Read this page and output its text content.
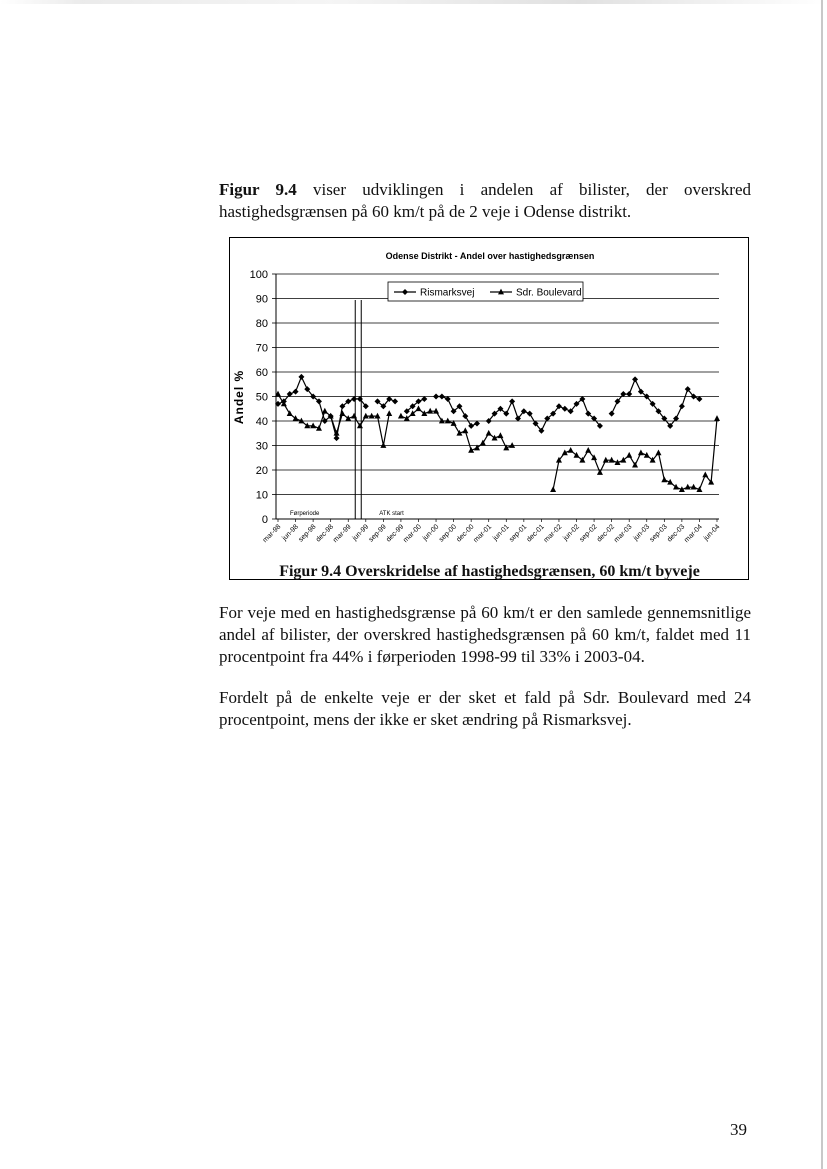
Figur 9.4 viser udviklingen i andelen af bilister, der overskred hastighedsgrænsen på 60 km/t på de 2 veje i Odense distrikt.

Odense Distrikt - Andel over hastighedsgrænsen
0
10
20
30
40
50
60
70
80
90
100
mar-98
jun-98
sep-98
dec-98
mar-99
jun-99
sep-99
dec-99
mar-00
jun-00
sep-00
dec-00
mar-01
jun-01
sep-01
dec-01
mar-02
jun-02
sep-02
dec-02
mar-03
jun-03
sep-03
dec-03
mar-04
jun-04
Andel %
Rismarksvej	Sdr. Boulevard
Førperiode	ATK start
Figur 9.4 Overskridelse af hastighedsgrænsen, 60 km/t byveje

For veje med en hastighedsgrænse på 60 km/t er den samlede gennemsnitlige andel af bilister, der overskred hastighedsgrænsen på 60 km/t, faldet med 11 procentpoint fra 44% i førperioden 1998-99 til 33% i 2003-04.

Fordelt på de enkelte veje er der sket et fald på Sdr. Boulevard med 24 procentpoint, mens der ikke er sket ændring på Rismarksvej.

39
